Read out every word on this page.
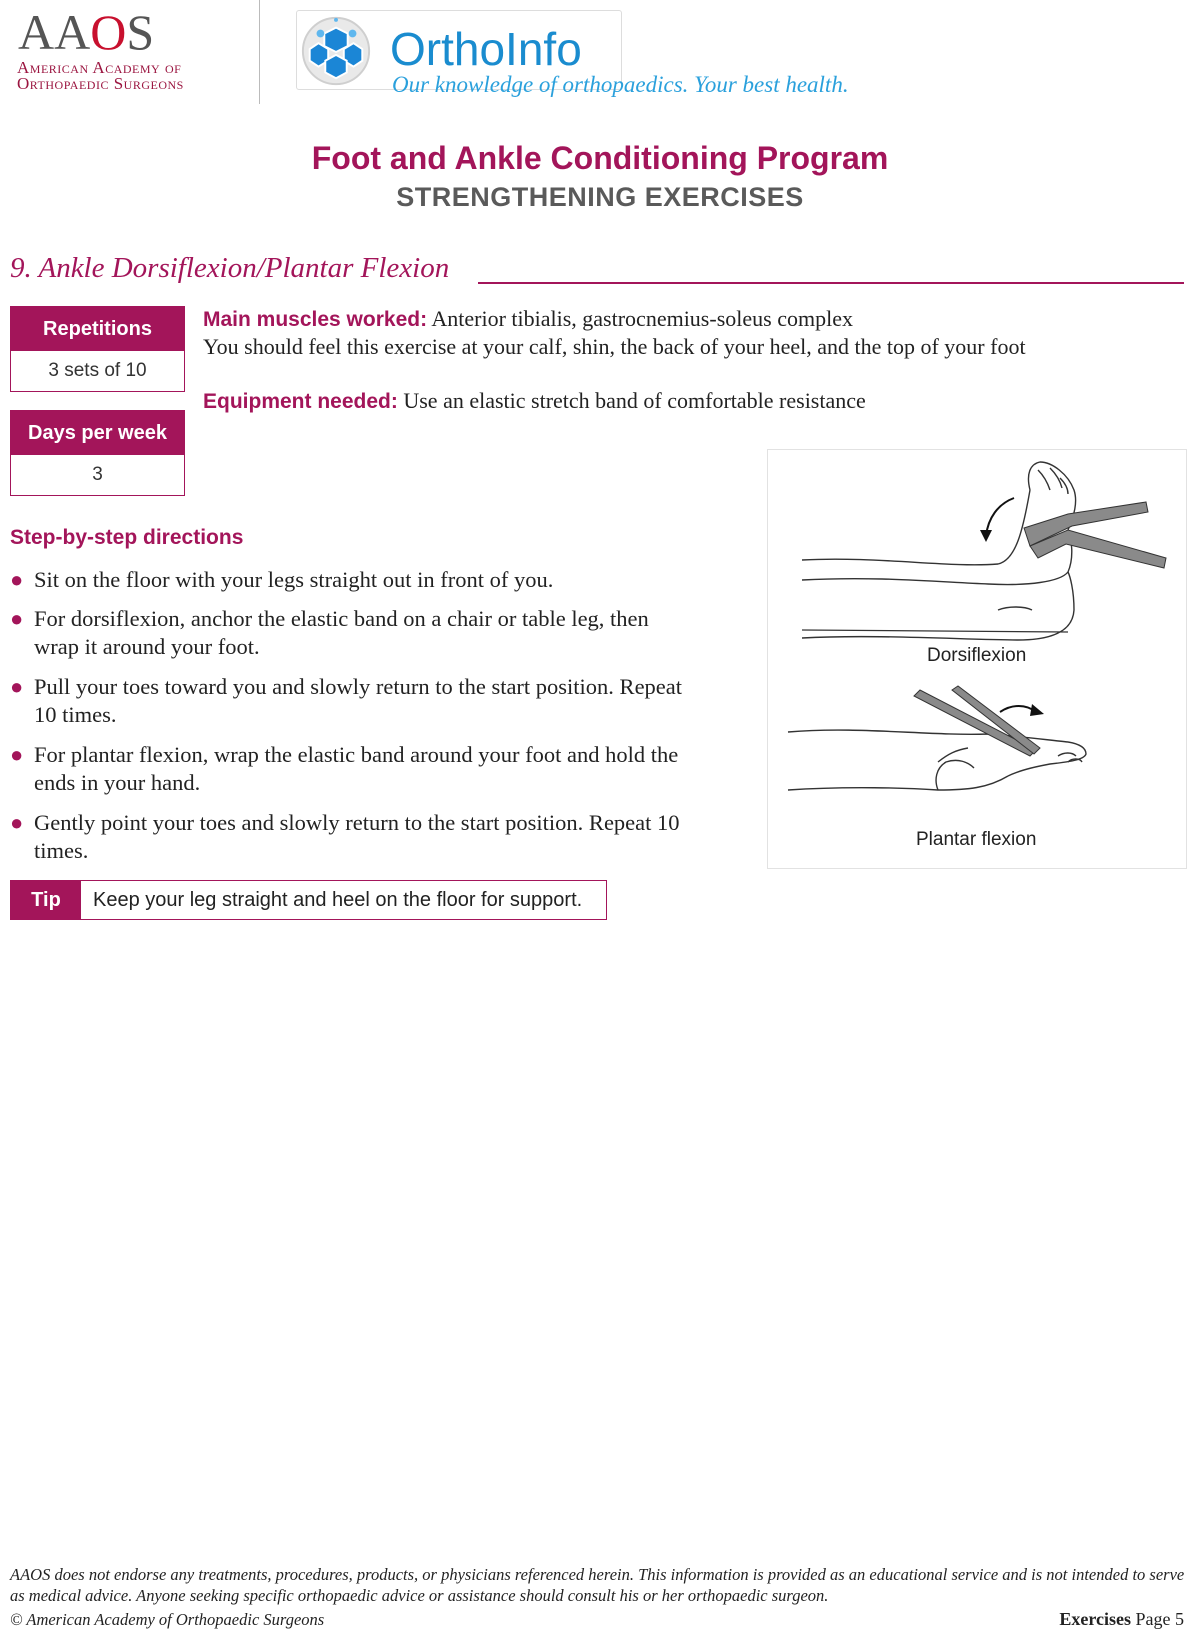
AAOS
American Academy of
Orthopaedic Surgeons
OrthoInfo
Our knowledge of orthopaedics. Your best health.
Foot and Ankle Conditioning Program
STRENGTHENING EXERCISES
9. Ankle Dorsiflexion/Plantar Flexion
Repetitions
3 sets of 10
Days per week
3
Main muscles worked: Anterior tibialis, gastrocnemius-soleus complex
You should feel this exercise at your calf, shin, the back of your heel, and the top of your foot
Equipment needed: Use an elastic stretch band of comfortable resistance
Step-by-step directions
● Sit on the floor with your legs straight out in front of you.
● For dorsiflexion, anchor the elastic band on a chair or table leg, then wrap it around your foot.
● Pull your toes toward you and slowly return to the start position. Repeat 10 times.
● For plantar flexion, wrap the elastic band around your foot and hold the ends in your hand.
● Gently point your toes and slowly return to the start position. Repeat 10 times.
Tip	Keep your leg straight and heel on the floor for support.
Dorsiflexion
Plantar flexion
AAOS does not endorse any treatments, procedures, products, or physicians referenced herein. This information is provided as an educational service and is not intended to serve as medical advice. Anyone seeking specific orthopaedic advice or assistance should consult his or her orthopaedic surgeon.
© American Academy of Orthopaedic Surgeons	Exercises Page 5
